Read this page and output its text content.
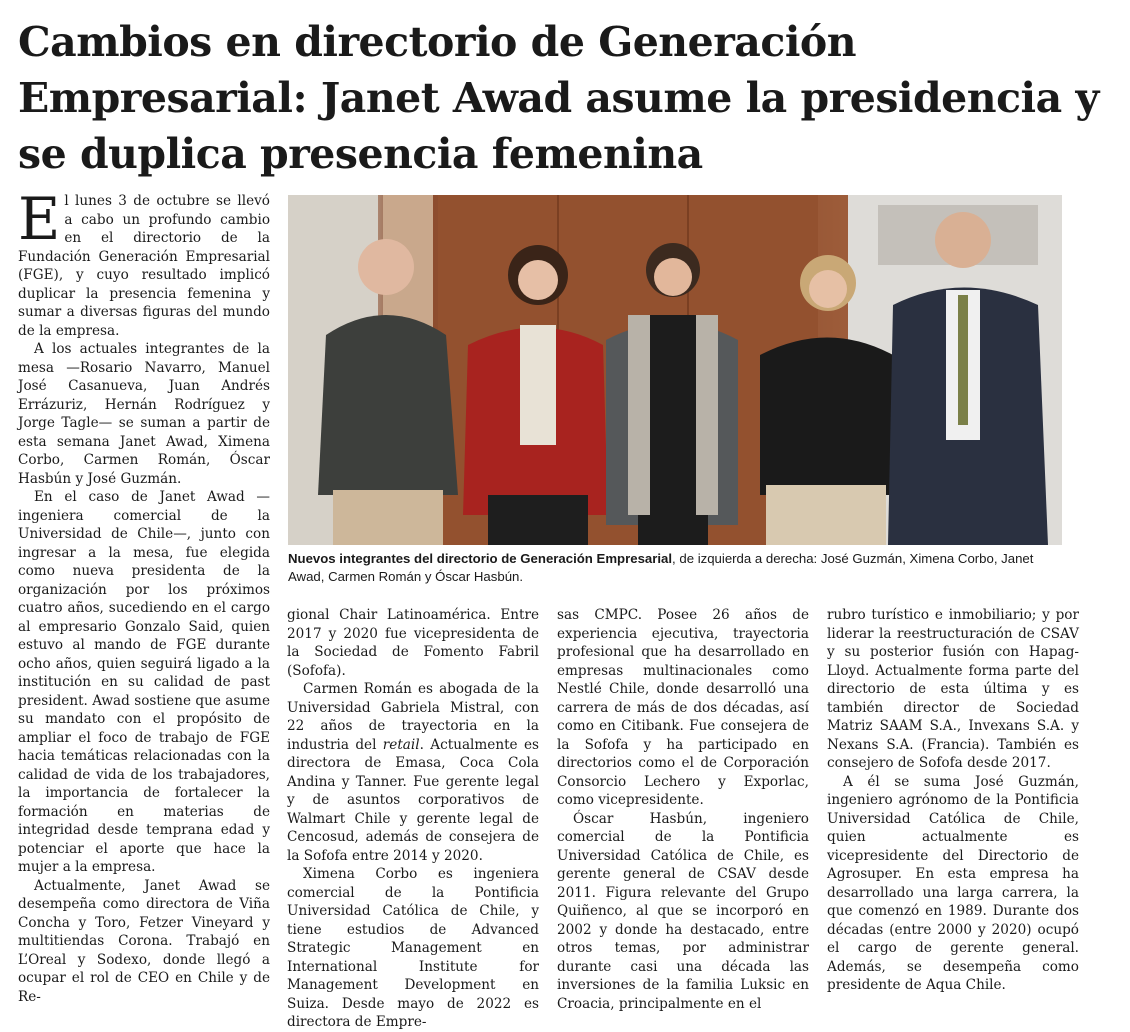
Cambios en directorio de Generación Empresarial: Janet Awad asume la presidencia y se duplica presencia femenina

El lunes 3 de octubre se llevó a cabo un profundo cambio en el directorio de la Fundación Generación Empresarial (FGE), y cuyo resultado implicó duplicar la presencia femenina y sumar a diversas figuras del mundo de la empresa.

A los actuales integrantes de la mesa —Rosario Navarro, Manuel José Casanueva, Juan Andrés Errázuriz, Hernán Rodríguez y Jorge Tagle— se suman a partir de esta semana Janet Awad, Ximena Corbo, Carmen Román, Óscar Hasbún y José Guzmán.

En el caso de Janet Awad —ingeniera comercial de la Universidad de Chile—, junto con ingresar a la mesa, fue elegida como nueva presidenta de la organización por los próximos cuatro años, sucediendo en el cargo al empresario Gonzalo Said, quien estuvo al mando de FGE durante ocho años, quien seguirá ligado a la institución en su calidad de past president. Awad sostiene que asume su mandato con el propósito de ampliar el foco de trabajo de FGE hacia temáticas relacionadas con la calidad de vida de los trabajadores, la importancia de fortalecer la formación en materias de integridad desde temprana edad y potenciar el aporte que hace la mujer a la empresa.

Actualmente, Janet Awad se desempeña como directora de Viña Concha y Toro, Fetzer Vineyard y multitiendas Corona. Trabajó en L’Oreal y Sodexo, donde llegó a ocupar el rol de CEO en Chile y de Re-

Nuevos integrantes del directorio de Generación Empresarial, de izquierda a derecha: José Guzmán, Ximena Corbo, Janet Awad, Carmen Román y Óscar Hasbún.

gional Chair Latinoamérica. Entre 2017 y 2020 fue vicepresidenta de la Sociedad de Fomento Fabril (Sofofa).

Carmen Román es abogada de la Universidad Gabriela Mistral, con 22 años de trayectoria en la industria del retail. Actualmente es directora de Emasa, Coca Cola Andina y Tanner. Fue gerente legal y de asuntos corporativos de Walmart Chile y gerente legal de Cencosud, además de consejera de la Sofofa entre 2014 y 2020.

Ximena Corbo es ingeniera comercial de la Pontificia Universidad Católica de Chile, y tiene estudios de Advanced Strategic Management en International Institute for Management Development en Suiza. Desde mayo de 2022 es directora de Empre-

sas CMPC. Posee 26 años de experiencia ejecutiva, trayectoria profesional que ha desarrollado en empresas multinacionales como Nestlé Chile, donde desarrolló una carrera de más de dos décadas, así como en Citibank. Fue consejera de la Sofofa y ha participado en directorios como el de Corporación Consorcio Lechero y Exporlac, como vicepresidente.

Óscar Hasbún, ingeniero comercial de la Pontificia Universidad Católica de Chile, es gerente general de CSAV desde 2011. Figura relevante del Grupo Quiñenco, al que se incorporó en 2002 y donde ha destacado, entre otros temas, por administrar durante casi una década las inversiones de la familia Luksic en Croacia, principalmente en el

rubro turístico e inmobiliario; y por liderar la reestructuración de CSAV y su posterior fusión con Hapag-Lloyd. Actualmente forma parte del directorio de esta última y es también director de Sociedad Matriz SAAM S.A., Invexans S.A. y Nexans S.A. (Francia). También es consejero de Sofofa desde 2017.

A él se suma José Guzmán, ingeniero agrónomo de la Pontificia Universidad Católica de Chile, quien actualmente es vicepresidente del Directorio de Agrosuper. En esta empresa ha desarrollado una larga carrera, la que comenzó en 1989. Durante dos décadas (entre 2000 y 2020) ocupó el cargo de gerente general. Además, se desempeña como presidente de Aqua Chile.
